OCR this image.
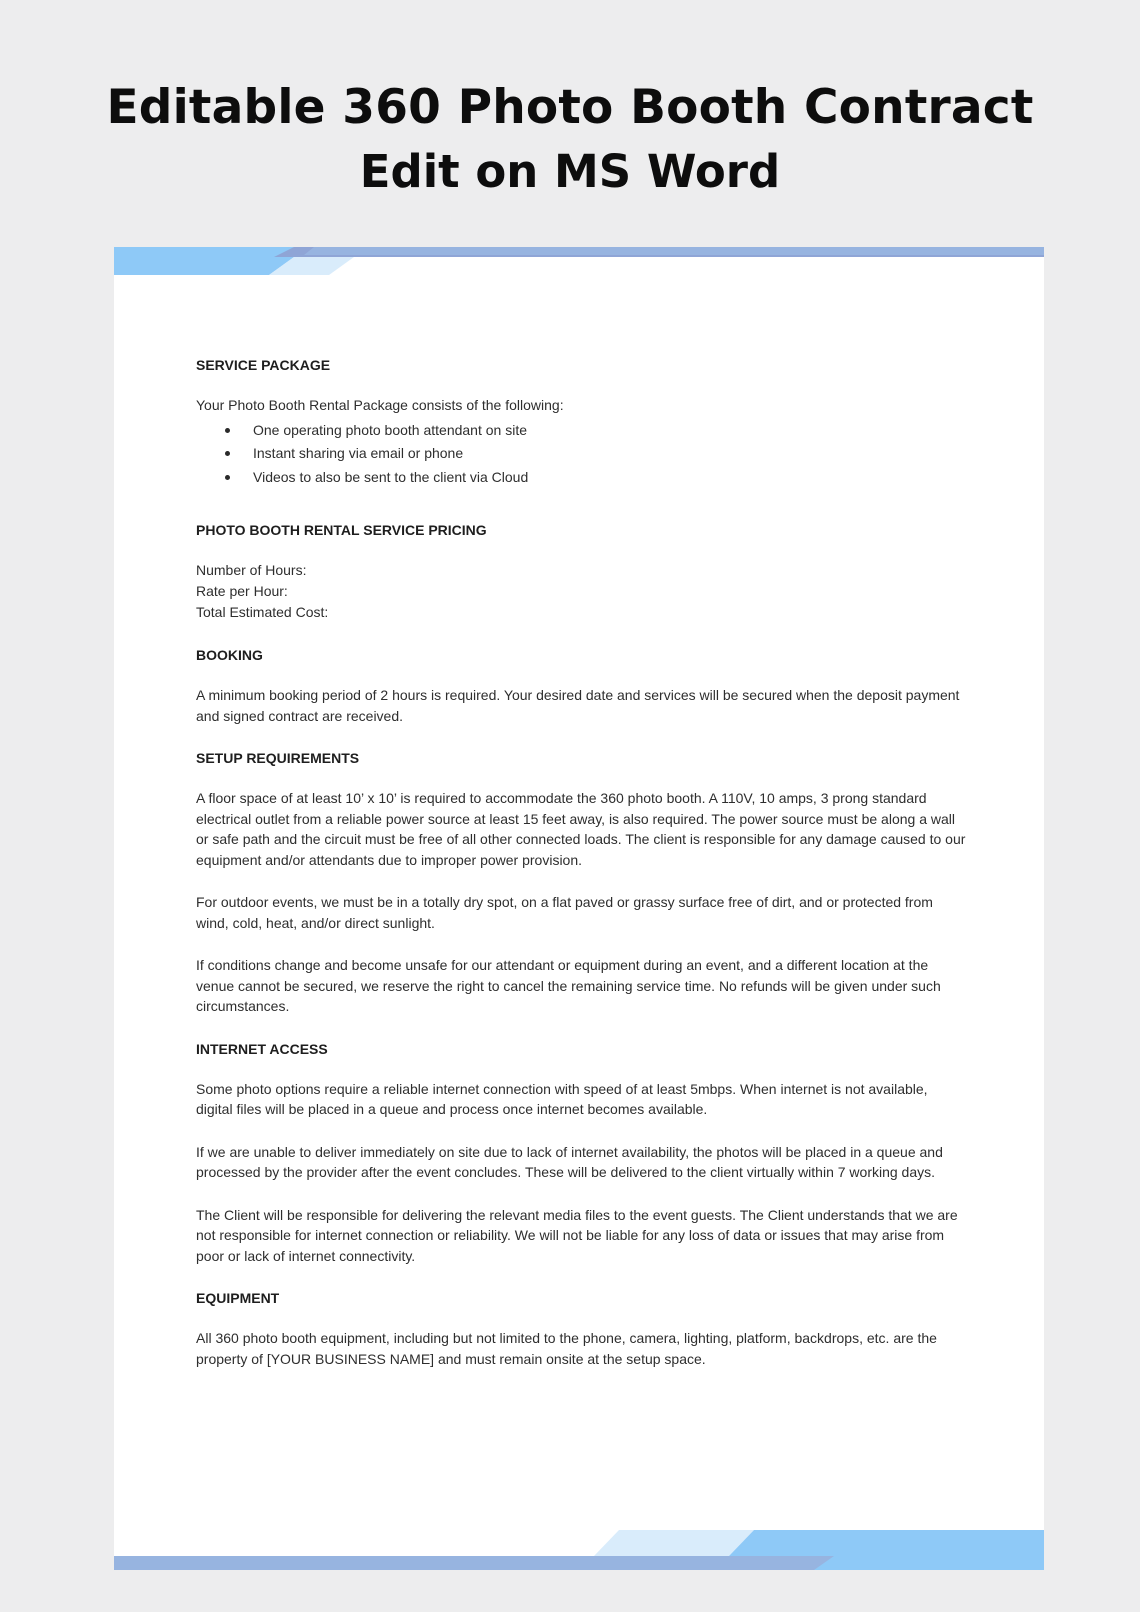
Editable 360 Photo Booth Contract
Edit on MS Word
SERVICE PACKAGE

Your Photo Booth Rental Package consists of the following:

One operating photo booth attendant on site
Instant sharing via email or phone
Videos to also be sent to the client via Cloud
PHOTO BOOTH RENTAL SERVICE PRICING

Number of Hours:

Rate per Hour:

Total Estimated Cost:

BOOKING

A minimum booking period of 2 hours is required. Your desired date and services will be secured when the deposit payment and signed contract are received.

SETUP REQUIREMENTS

A floor space of at least 10’ x 10’ is required to accommodate the 360 photo booth. A 110V, 10 amps, 3 prong standard electrical outlet from a reliable power source at least 15 feet away, is also required. The power source must be along a wall or safe path and the circuit must be free of all other connected loads. The client is responsible for any damage caused to our equipment and/or attendants due to improper power provision.

For outdoor events, we must be in a totally dry spot, on a flat paved or grassy surface free of dirt, and or protected from wind, cold, heat, and/or direct sunlight.

If conditions change and become unsafe for our attendant or equipment during an event, and a different location at the venue cannot be secured, we reserve the right to cancel the remaining service time. No refunds will be given under such circumstances.

INTERNET ACCESS

Some photo options require a reliable internet connection with speed of at least 5mbps. When internet is not available, digital files will be placed in a queue and process once internet becomes available.

If we are unable to deliver immediately on site due to lack of internet availability, the photos will be placed in a queue and processed by the provider after the event concludes. These will be delivered to the client virtually within 7 working days.

The Client will be responsible for delivering the relevant media files to the event guests. The Client understands that we are not responsible for internet connection or reliability. We will not be liable for any loss of data or issues that may arise from poor or lack of internet connectivity.

EQUIPMENT

All 360 photo booth equipment, including but not limited to the phone, camera, lighting, platform, backdrops, etc. are the property of [YOUR BUSINESS NAME] and must remain onsite at the setup space.
